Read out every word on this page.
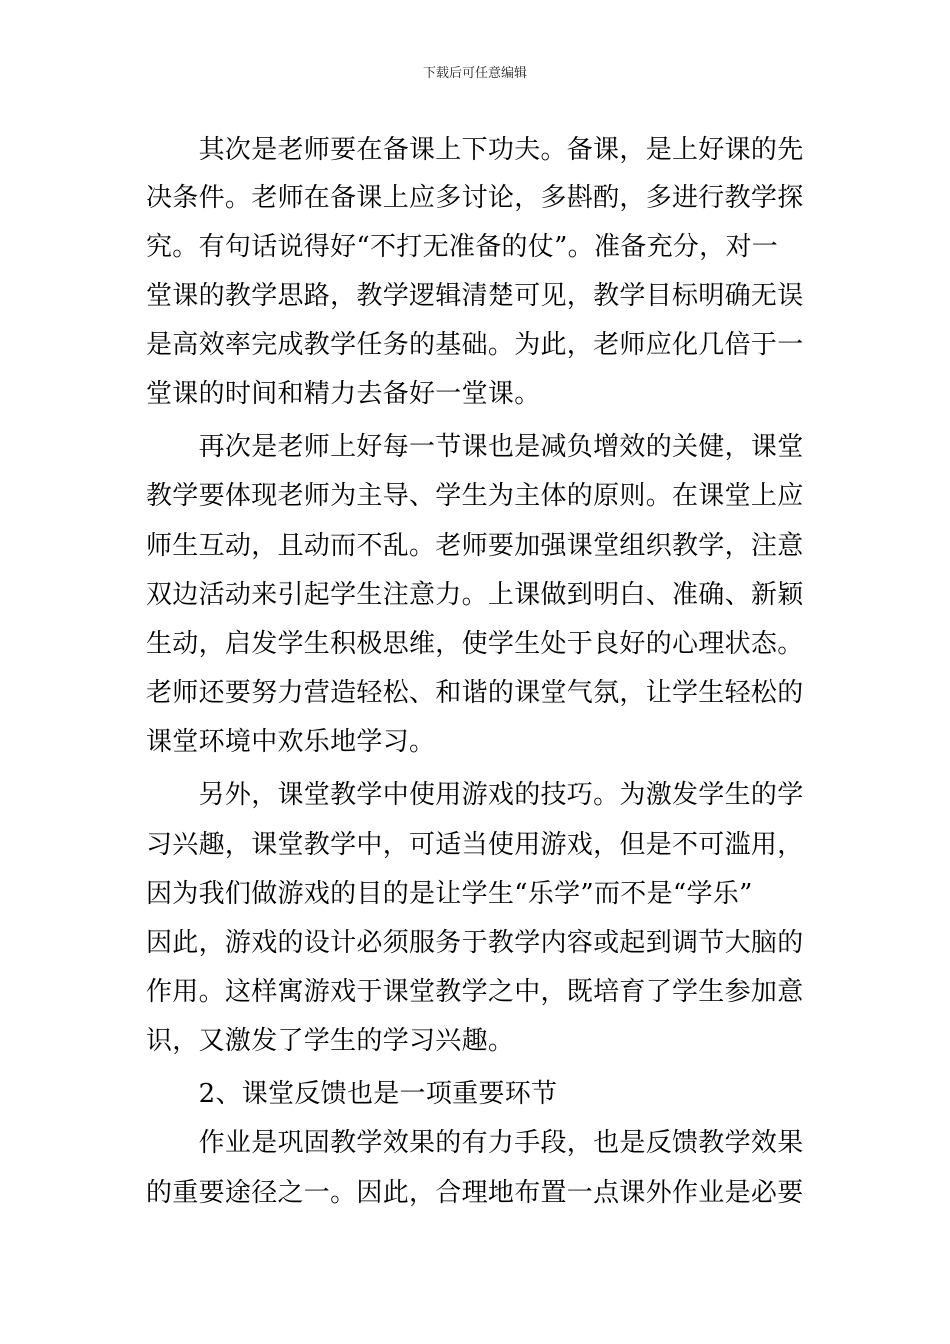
下载后可任意编辑
　　其次是老师要在备课上下功夫。备课，是上好课的先
决条件。老师在备课上应多讨论，多斟酌，多进行教学探
究。有句话说得好“不打无准备的仗”。准备充分，对一
堂课的教学思路，教学逻辑清楚可见，教学目标明确无误
是高效率完成教学任务的基础。为此，老师应化几倍于一
堂课的时间和精力去备好一堂课。
　　再次是老师上好每一节课也是减负增效的关健，课堂
教学要体现老师为主导、学生为主体的原则。在课堂上应
师生互动，且动而不乱。老师要加强课堂组织教学，注意
双边活动来引起学生注意力。上课做到明白、准确、新颖
生动，启发学生积极思维，使学生处于良好的心理状态。
老师还要努力营造轻松、和谐的课堂气氛，让学生轻松的
课堂环境中欢乐地学习。
　　另外，课堂教学中使用游戏的技巧。为激发学生的学
习兴趣，课堂教学中，可适当使用游戏，但是不可滥用，
因为我们做游戏的目的是让学生“乐学”而不是“学乐”
因此，游戏的设计必须服务于教学内容或起到调节大脑的
作用。这样寓游戏于课堂教学之中，既培育了学生参加意
识，又激发了学生的学习兴趣。
　　2、课堂反馈也是一项重要环节
　　作业是巩固教学效果的有力手段，也是反馈教学效果
的重要途径之一。因此，合理地布置一点课外作业是必要
